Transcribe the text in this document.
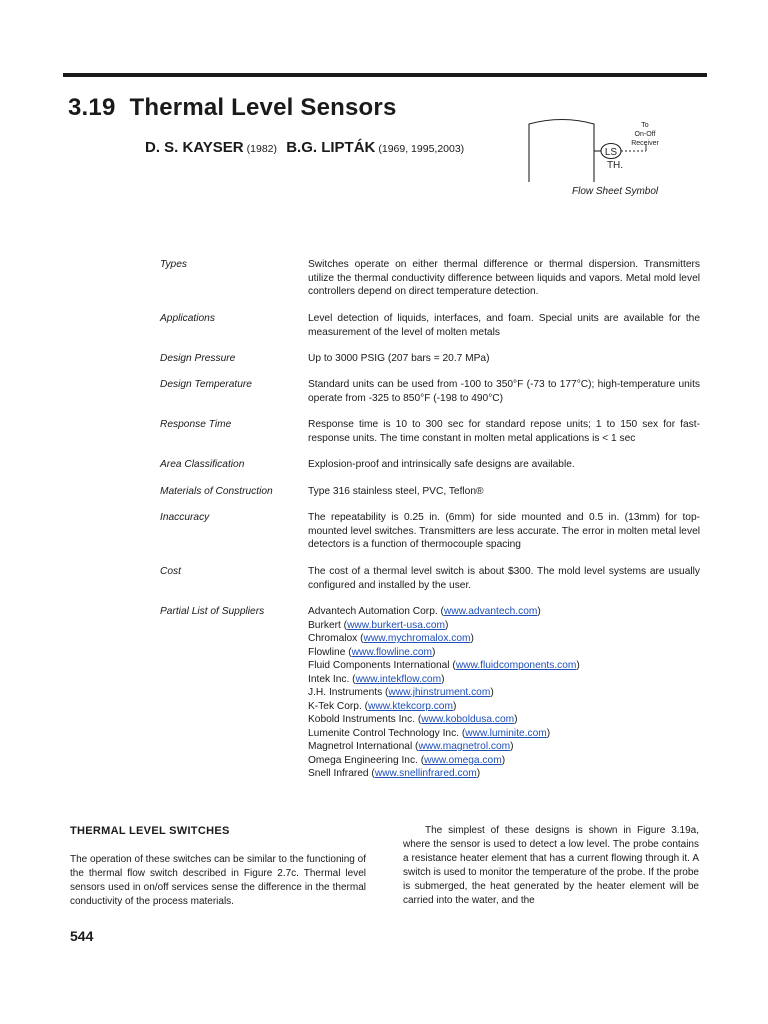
3.19 Thermal Level Sensors
D. S. KAYSER (1982) B.G. LIPTÁK (1969, 1995,2003)	LS
To
On-Off
Receiver
TH.
Flow Sheet Symbol
Types	Switches operate on either thermal difference or thermal dispersion. Transmitters utilize the thermal conductivity difference between liquids and vapors. Metal mold level controllers depend on direct temperature detection.
Applications	Level detection of liquids, interfaces, and foam. Special units are available for the measurement of the level of molten metals
Design Pressure	Up to 3000 PSIG (207 bars = 20.7 MPa)
Design Temperature	Standard units can be used from -100 to 350°F (-73 to 177°C); high-temperature units operate from -325 to 850°F (-198 to 490°C)
Response Time	Response time is 10 to 300 sec for standard repose units; 1 to 150 sex for fast-response units. The time constant in molten metal applications is < 1 sec
Area Classification	Explosion-proof and intrinsically safe designs are available.
Materials of Construction	Type 316 stainless steel, PVC, Teflon®
Inaccuracy	The repeatability is 0.25 in. (6mm) for side mounted and 0.5 in. (13mm) for top-mounted level switches. Transmitters are less accurate. The error in molten metal level detectors is a function of thermocouple spacing
Cost	The cost of a thermal level switch is about $300. The mold level systems are usually configured and installed by the user.
Partial List of Suppliers	Advantech Automation Corp. (www.advantech.com)
Burkert (www.burkert-usa.com)
Chromalox (www.mychromalox.com)
Flowline (www.flowline.com)
Fluid Components International (www.fluidcomponents.com)
Intek Inc. (www.intekflow.com)
J.H. Instruments (www.jhinstrument.com)
K-Tek Corp. (www.ktekcorp.com)
Kobold Instruments Inc. (www.koboldusa.com)
Lumenite Control Technology Inc. (www.luminite.com)
Magnetrol International (www.magnetrol.com)
Omega Engineering Inc. (www.omega.com)
Snell Infrared (www.snellinfrared.com)
THERMAL LEVEL SWITCHES

The operation of these switches can be similar to the functioning of the thermal flow switch described in Figure 2.7c. Thermal level sensors used in on/off services sense the difference in the thermal conductivity of the process materials.

The simplest of these designs is shown in Figure 3.19a, where the sensor is used to detect a low level. The probe contains a resistance heater element that has a current flowing through it. A switch is used to monitor the temperature of the probe. If the probe is submerged, the heat generated by the heater element will be carried into the water, and the

544
